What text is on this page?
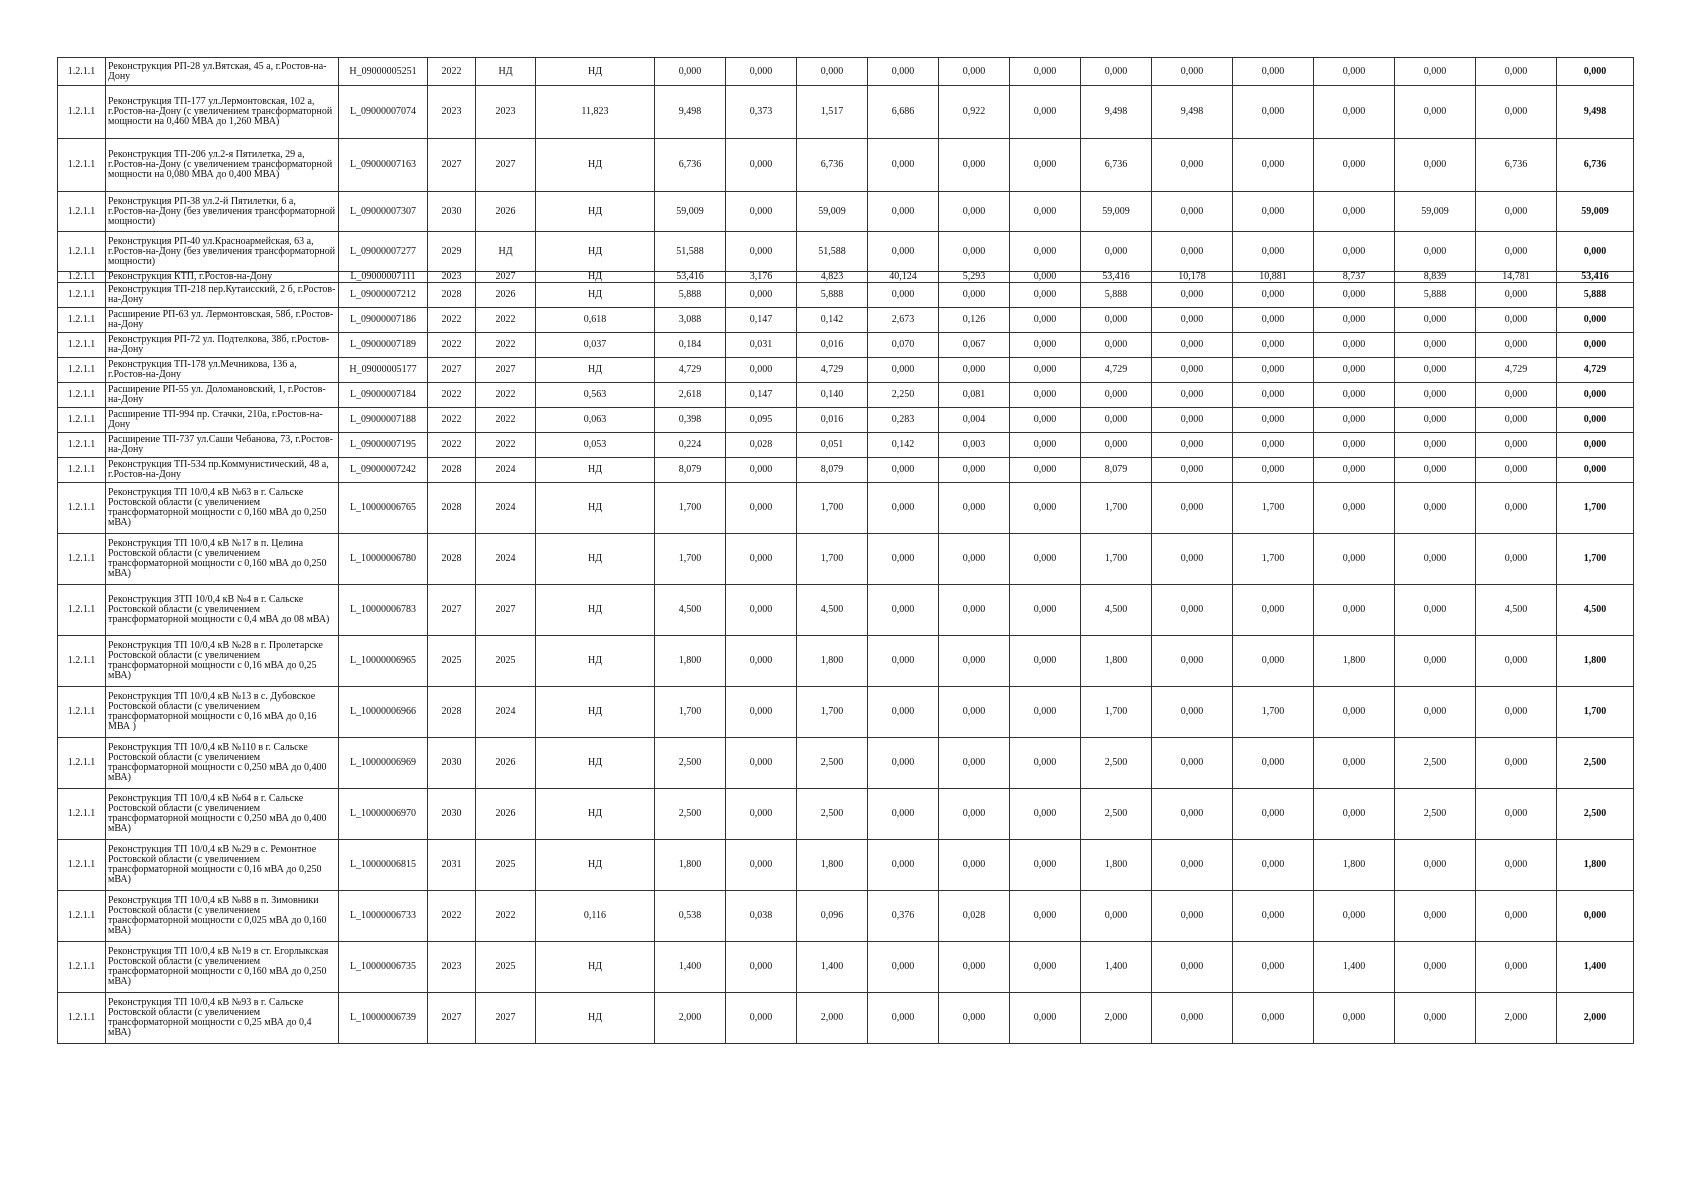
1.2.1.1	Реконструкция РП-28 ул.Вятская, 45 а, г.Ростов-на-Дону	H_09000005251	2022	НД	НД	0,000	0,000	0,000	0,000	0,000	0,000	0,000	0,000	0,000	0,000	0,000	0,000	0,000
1.2.1.1	Реконструкция ТП-177 ул.Лермонтовская, 102 а, г.Ростов-на-Дону (с увеличением трансформаторной мощности на 0,460 МВА до 1,260 МВА)	L_09000007074	2023	2023	11,823	9,498	0,373	1,517	6,686	0,922	0,000	9,498	9,498	0,000	0,000	0,000	0,000	9,498
1.2.1.1	Реконструкция ТП-206 ул.2-я Пятилетка, 29 а, г.Ростов-на-Дону (с увеличением трансформаторной мощности на 0,080 МВА до 0,400 МВА)	L_09000007163	2027	2027	НД	6,736	0,000	6,736	0,000	0,000	0,000	6,736	0,000	0,000	0,000	0,000	6,736	6,736
1.2.1.1	Реконструкция РП-38 ул.2-й Пятилетки, 6 а, г.Ростов-на-Дону (без увеличения трансформаторной мощности)	L_09000007307	2030	2026	НД	59,009	0,000	59,009	0,000	0,000	0,000	59,009	0,000	0,000	0,000	59,009	0,000	59,009
1.2.1.1	Реконструкция РП-40 ул.Красноармейская, 63 а, г.Ростов-на-Дону (без увеличения трансформаторной мощности)	L_09000007277	2029	НД	НД	51,588	0,000	51,588	0,000	0,000	0,000	0,000	0,000	0,000	0,000	0,000	0,000	0,000
1.2.1.1	Реконструкция КТП, г.Ростов-на-Дону	L_09000007111	2023	2027	НД	53,416	3,176	4,823	40,124	5,293	0,000	53,416	10,178	10,881	8,737	8,839	14,781	53,416
1.2.1.1	Реконструкция ТП-218 пер.Кутаисский, 2 б, г.Ростов-на-Дону	L_09000007212	2028	2026	НД	5,888	0,000	5,888	0,000	0,000	0,000	5,888	0,000	0,000	0,000	5,888	0,000	5,888
1.2.1.1	Расширение РП-63 ул. Лермонтовская, 58б, г.Ростов-на-Дону	L_09000007186	2022	2022	0,618	3,088	0,147	0,142	2,673	0,126	0,000	0,000	0,000	0,000	0,000	0,000	0,000	0,000
1.2.1.1	Реконструкция РП-72 ул. Подтелкова, 38б, г.Ростов-на-Дону	L_09000007189	2022	2022	0,037	0,184	0,031	0,016	0,070	0,067	0,000	0,000	0,000	0,000	0,000	0,000	0,000	0,000
1.2.1.1	Реконструкция ТП-178 ул.Мечникова, 136 а, г.Ростов-на-Дону	H_09000005177	2027	2027	НД	4,729	0,000	4,729	0,000	0,000	0,000	4,729	0,000	0,000	0,000	0,000	4,729	4,729
1.2.1.1	Расширение РП-55 ул. Доломановский, 1, г.Ростов-на-Дону	L_09000007184	2022	2022	0,563	2,618	0,147	0,140	2,250	0,081	0,000	0,000	0,000	0,000	0,000	0,000	0,000	0,000
1.2.1.1	Расширение ТП-994 пр. Стачки, 210а, г.Ростов-на-Дону	L_09000007188	2022	2022	0,063	0,398	0,095	0,016	0,283	0,004	0,000	0,000	0,000	0,000	0,000	0,000	0,000	0,000
1.2.1.1	Расширение ТП-737 ул.Саши Чебанова, 73, г.Ростов-на-Дону	L_09000007195	2022	2022	0,053	0,224	0,028	0,051	0,142	0,003	0,000	0,000	0,000	0,000	0,000	0,000	0,000	0,000
1.2.1.1	Реконструкция ТП-534 пр.Коммунистический, 48 а, г.Ростов-на-Дону	L_09000007242	2028	2024	НД	8,079	0,000	8,079	0,000	0,000	0,000	8,079	0,000	0,000	0,000	0,000	0,000	0,000
1.2.1.1	Реконструкция ТП 10/0,4 кВ №63 в г. Сальске Ростовской области (с увеличением трансформаторной мощности с 0,160 мВА до 0,250 мВА)	L_10000006765	2028	2024	НД	1,700	0,000	1,700	0,000	0,000	0,000	1,700	0,000	1,700	0,000	0,000	0,000	1,700
1.2.1.1	Реконструкция ТП 10/0,4 кВ №17 в п. Целина Ростовской области (с увеличением трансформаторной мощности с 0,160 мВА до 0,250 мВА)	L_10000006780	2028	2024	НД	1,700	0,000	1,700	0,000	0,000	0,000	1,700	0,000	1,700	0,000	0,000	0,000	1,700
1.2.1.1	Реконструкция ЗТП 10/0,4 кВ №4 в г. Сальске Ростовской области (с увеличением трансформаторной мощности с 0,4 мВА до 08 мВА)	L_10000006783	2027	2027	НД	4,500	0,000	4,500	0,000	0,000	0,000	4,500	0,000	0,000	0,000	0,000	4,500	4,500
1.2.1.1	Реконструкция ТП 10/0,4 кВ №28 в г. Пролетарске Ростовской области (с увеличением трансформаторной мощности с 0,16 мВА до 0,25 мВА)	L_10000006965	2025	2025	НД	1,800	0,000	1,800	0,000	0,000	0,000	1,800	0,000	0,000	1,800	0,000	0,000	1,800
1.2.1.1	Реконструкция ТП 10/0,4 кВ №13 в с. Дубовское Ростовской области (с увеличением трансформаторной мощности с 0,16 мВА до 0,16 МВА )	L_10000006966	2028	2024	НД	1,700	0,000	1,700	0,000	0,000	0,000	1,700	0,000	1,700	0,000	0,000	0,000	1,700
1.2.1.1	Реконструкция ТП 10/0,4 кВ №110 в г. Сальске Ростовской области (с увеличением трансформаторной мощности с 0,250 мВА до 0,400 мВА)	L_10000006969	2030	2026	НД	2,500	0,000	2,500	0,000	0,000	0,000	2,500	0,000	0,000	0,000	2,500	0,000	2,500
1.2.1.1	Реконструкция ТП 10/0,4 кВ №64 в г. Сальске Ростовской области (с увеличением трансформаторной мощности с 0,250 мВА до 0,400 мВА)	L_10000006970	2030	2026	НД	2,500	0,000	2,500	0,000	0,000	0,000	2,500	0,000	0,000	0,000	2,500	0,000	2,500
1.2.1.1	Реконструкция ТП 10/0,4 кВ №29 в с. Ремонтное Ростовской области (с увеличением трансформаторной мощности с 0,16 мВА до 0,250 мВА)	L_10000006815	2031	2025	НД	1,800	0,000	1,800	0,000	0,000	0,000	1,800	0,000	0,000	1,800	0,000	0,000	1,800
1.2.1.1	Реконструкция ТП 10/0,4 кВ №88 в п. Зимовники Ростовской области (с увеличением трансформаторной мощности с 0,025 мВА до 0,160 мВА)	L_10000006733	2022	2022	0,116	0,538	0,038	0,096	0,376	0,028	0,000	0,000	0,000	0,000	0,000	0,000	0,000	0,000
1.2.1.1	Реконструкция ТП 10/0,4 кВ №19 в ст. Егорлыкская Ростовской области (с увеличением трансформаторной мощности с 0,160 мВА до 0,250 мВА)	L_10000006735	2023	2025	НД	1,400	0,000	1,400	0,000	0,000	0,000	1,400	0,000	0,000	1,400	0,000	0,000	1,400
1.2.1.1	Реконструкция ТП 10/0,4 кВ №93 в г. Сальске Ростовской области (с увеличением трансформаторной мощности с 0,25 мВА до 0,4 мВА)	L_10000006739	2027	2027	НД	2,000	0,000	2,000	0,000	0,000	0,000	2,000	0,000	0,000	0,000	0,000	2,000	2,000
